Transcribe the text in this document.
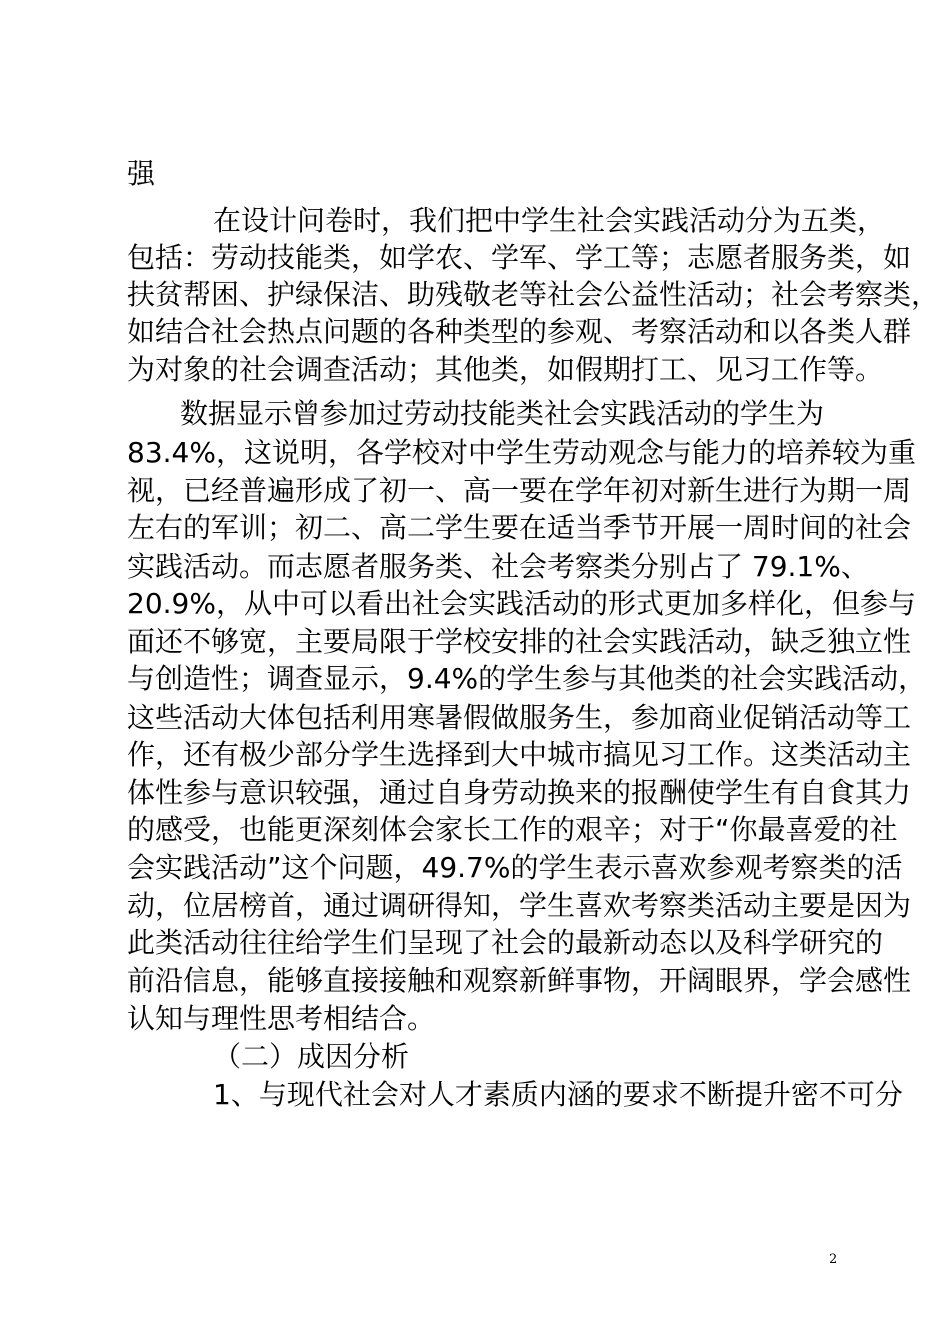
强
在设计问卷时，我们把中学生社会实践活动分为五类，
包括：劳动技能类，如学农、学军、学工等；志愿者服务类，如
扶贫帮困、护绿保洁、助残敬老等社会公益性活动；社会考察类，
如结合社会热点问题的各种类型的参观、考察活动和以各类人群
为对象的社会调查活动；其他类，如假期打工、见习工作等。
数据显示曾参加过劳动技能类社会实践活动的学生为
83.4%，这说明，各学校对中学生劳动观念与能力的培养较为重
视，已经普遍形成了初一、高一要在学年初对新生进行为期一周
左右的军训；初二、高二学生要在适当季节开展一周时间的社会
实践活动。而志愿者服务类、社会考察类分别占了 79.1%、
20.9%，从中可以看出社会实践活动的形式更加多样化，但参与
面还不够宽，主要局限于学校安排的社会实践活动，缺乏独立性
与创造性；调查显示，9.4%的学生参与其他类的社会实践活动，
这些活动大体包括利用寒暑假做服务生，参加商业促销活动等工
作，还有极少部分学生选择到大中城市搞见习工作。这类活动主
体性参与意识较强，通过自身劳动换来的报酬使学生有自食其力
的感受，也能更深刻体会家长工作的艰辛；对于“你最喜爱的社
会实践活动”这个问题，49.7%的学生表示喜欢参观考察类的活
动，位居榜首，通过调研得知，学生喜欢考察类活动主要是因为
此类活动往往给学生们呈现了社会的最新动态以及科学研究的
前沿信息，能够直接接触和观察新鲜事物，开阔眼界，学会感性
认知与理性思考相结合。
（二）成因分析
1、与现代社会对人才素质内涵的要求不断提升密不可分
2
